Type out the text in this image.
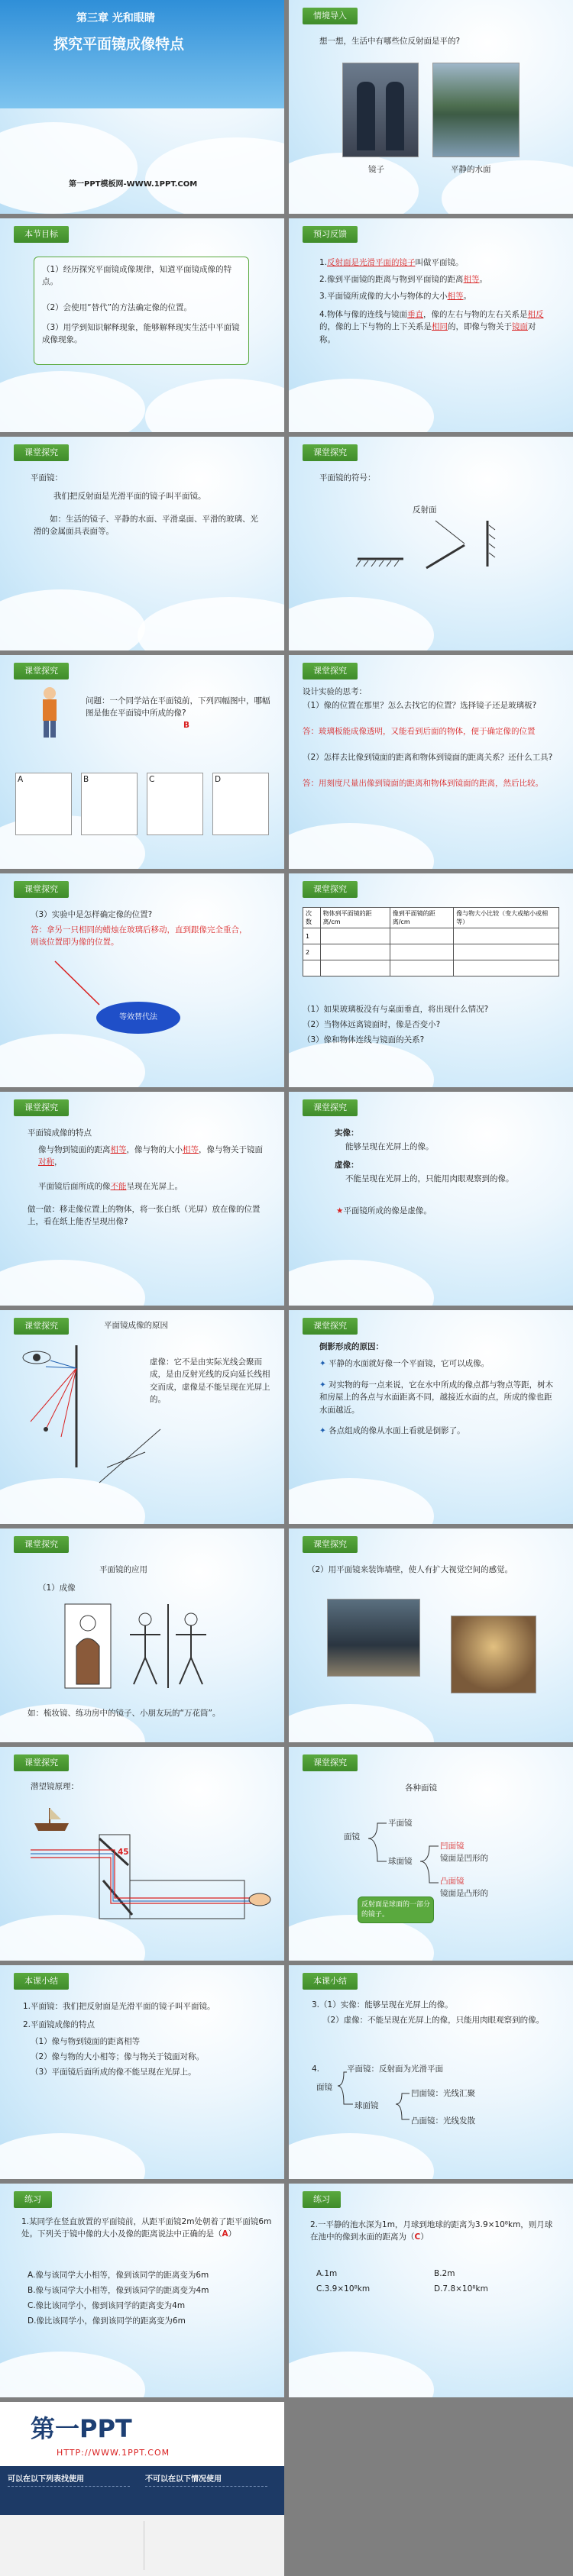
第三章 光和眼睛
探究平面镜成像特点
第一PPT模板网-WWW.1PPT.COM
情境导入
想一想，生活中有哪些位反射面是平的?
镜子	平静的水面
本节目标
（1）经历探究平面镜成像规律，知道平面镜成像的特点。
（2）会使用“替代”的方法确定像的位置。
（3）用学到知识解释现象，能够解释现实生活中平面镜成像现象。
预习反馈
1.反射面是光滑平面的镜子叫做平面镜。
2.像到平面镜的距离与物到平面镜的距离相等。
3.平面镜所成像的大小与物体的大小相等。
4.物体与像的连线与镜面垂直，像的左右与物的左右关系是相反的，像的上下与物的上下关系是相同的，即像与物关于镜面对称。
课堂探究
平面镜：
我们把反射面是光滑平面的镜子叫平面镜。
如：生活的镜子、平静的水面、平滑桌面、平滑的玻璃、光滑的金属面具表面等。
课堂探究
平面镜的符号：
反射面
课堂探究
问题：一个同学站在平面镜前，下列四幅图中，哪幅图是他在平面镜中所成的像?
B
A	B	C	D
课堂探究
设计实验的思考：
（1）像的位置在那里？怎么去找它的位置？选择镜子还是玻璃板?
答：玻璃板能成像透明，又能看到后面的物体，便于确定像的位置
（2）怎样去比像到镜面的距离和物体到镜面的距离关系？还什么工具?
答：用刻度尺量出像到镜面的距离和物体到镜面的距离，然后比较。
课堂探究
（3）实验中是怎样确定像的位置?
答：拿另一只相同的蜡烛在玻璃后移动，直到跟像完全重合，则该位置即为像的位置。
等效替代法
课堂探究
次数	物体到平面镜的距离/cm	像到平面镜的距离/cm	像与物大小比较（变大或缩小或相等）
1			
2			

（1）如果玻璃板没有与桌面垂直，将出现什么情况?
（2）当物体远离镜面时，像是否变小?
（3）像和物体连线与镜面的关系?
课堂探究
平面镜成像的特点
像与物到镜面的距离相等，像与物的大小相等，像与物关于镜面对称，
平面镜后面所成的像不能呈现在光屏上。
做一做：移走像位置上的物体，将一张白纸（光屏）放在像的位置上，看在纸上能否呈现出像?
课堂探究
实像：
能够呈现在光屏上的像。
虚像：
不能呈现在光屏上的，只能用肉眼观察到的像。
★平面镜所成的像是虚像。
课堂探究	平面镜成像的原因
虚像：它不是由实际光线会聚而成，是由反射光线的反向延长线相交而成，虚像是不能呈现在光屏上的。
课堂探究
倒影形成的原因：
✦ 平静的水面就好像一个平面镜，它可以成像。
✦ 对实物的每一点来说，它在水中所成的像点都与物点等距，树木和房屋上的各点与水面距离不同，越接近水面的点，所成的像也距水面越近。
✦ 各点组成的像从水面上看就是倒影了。
课堂探究
平面镜的应用
（1）成像
如：梳妆镜、练功房中的镜子、小朋友玩的“万花筒”。
课堂探究
（2）用平面镜来装饰墙壁，使人有扩大视觉空间的感觉。
课堂探究
潜望镜原理：
45
课堂探究
各种面镜
面镜
平面镜
球面镜
凹面镜
镜面是凹形的
凸面镜
镜面是凸形的
反射面是球面的一部分的镜子。
本课小结
1.平面镜：我们把反射面是光滑平面的镜子叫平面镜。
2.平面镜成像的特点
（1）像与物到镜面的距离相等
（2）像与物的大小相等；像与物关于镜面对称。
（3）平面镜后面所成的像不能呈现在光屏上。
本课小结
3.（1）实像：能够呈现在光屏上的像。
（2）虚像：不能呈现在光屏上的像，只能用肉眼观察到的像。
4.
面镜
平面镜：反射面为光滑平面
球面镜
凹面镜：光线汇聚
凸面镜：光线发散
练习
1.某同学在竖直放置的平面镜前，从距平面镜2m处朝着了距平面镜6m处。下列关于镜中像的大小及像的距离说法中正确的是（A）
A.像与该同学大小相等，像到该同学的距离变为6m
B.像与该同学大小相等，像到该同学的距离变为4m
C.像比该同学小，像到该同学的距离变为4m
D.像比该同学小，像到该同学的距离变为6m
练习
2.一平静的池水深为1m，月球到地球的距离为3.9×10⁸km，则月球在池中的像到水面的距离为（C）
A.1m	B.2m
C.3.9×10⁸km	D.7.8×10⁸km
第一PPT
HTTP://WWW.1PPT.COM
可以在以下列表找使用	不可以在以下情况使用
